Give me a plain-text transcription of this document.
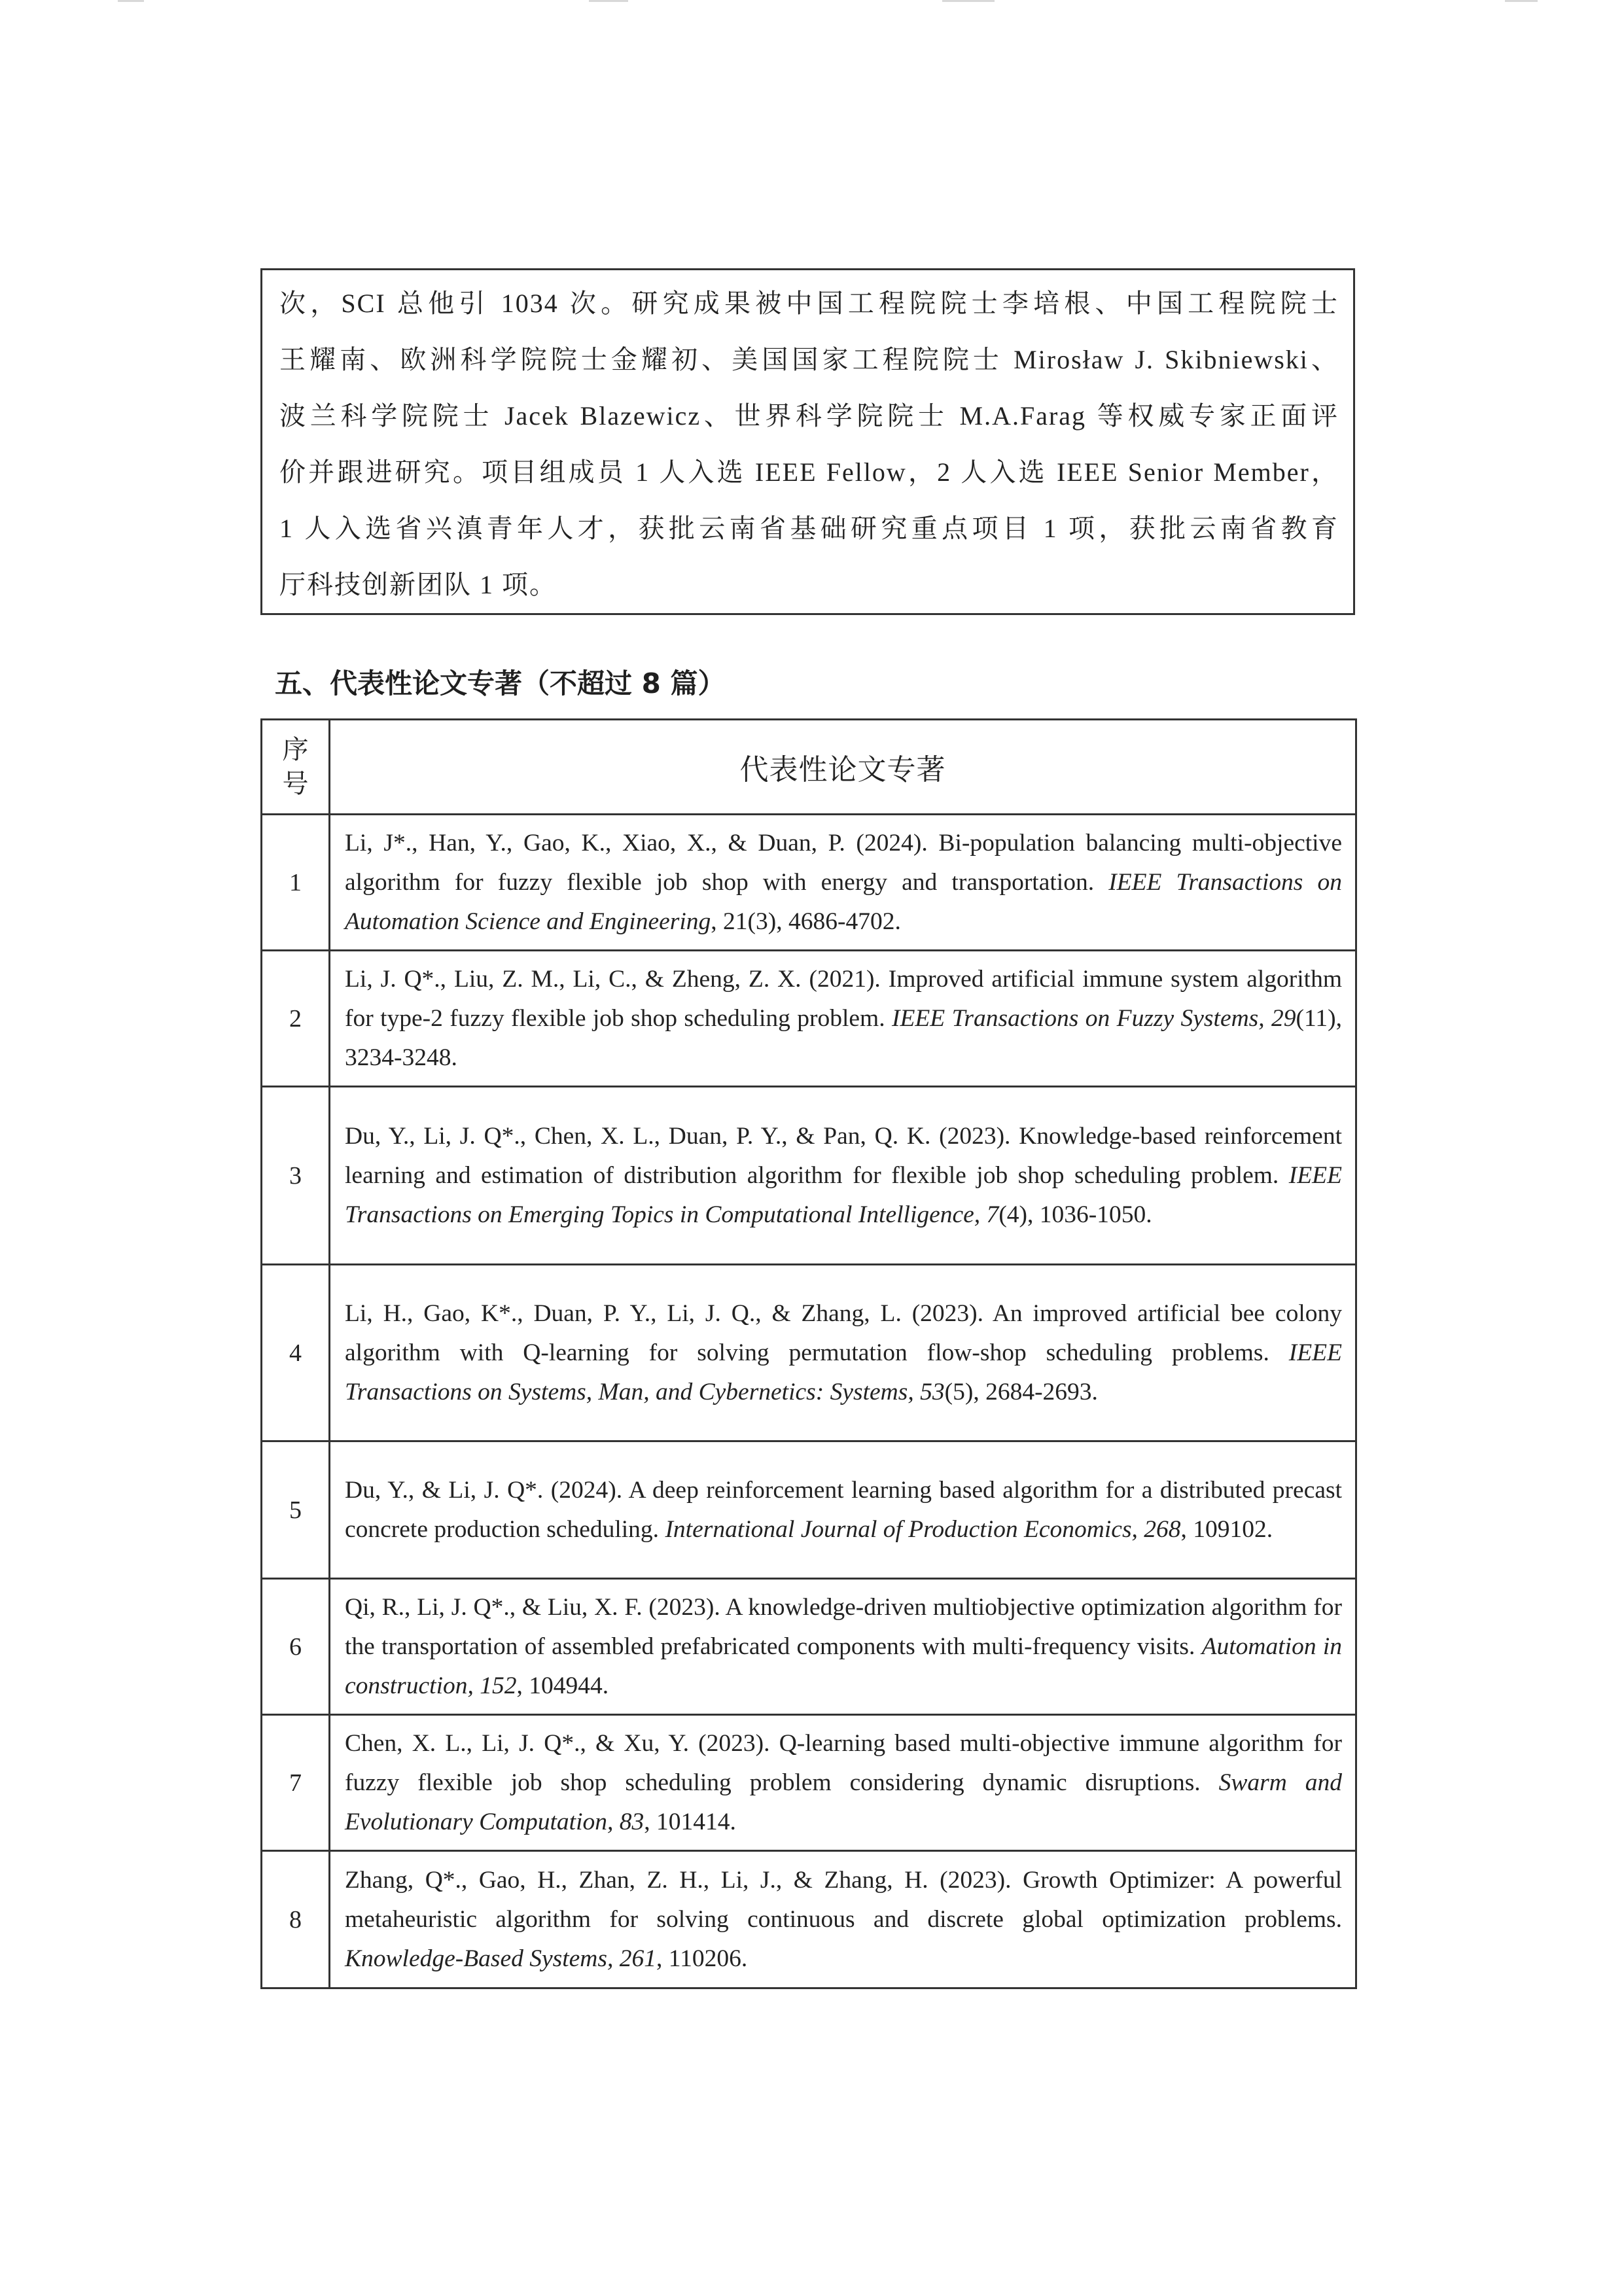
次，SCI 总他引 1034 次。研究成果被中国工程院院士李培根、中国工程院院士
王耀南、欧洲科学院院士金耀初、美国国家工程院院士 Mirosław J. Skibniewski、
波兰科学院院士 Jacek Blazewicz、世界科学院院士 M.A.Farag 等权威专家正面评
价并跟进研究。项目组成员 1 人入选 IEEE Fellow，2 人入选 IEEE Senior Member，
1 人入选省兴滇青年人才，获批云南省基础研究重点项目 1 项，获批云南省教育
厅科技创新团队 1 项。
五、代表性论文专著（不超过 8 篇）
序
号	代表性论文专著
1	Li, J*., Han, Y., Gao, K., Xiao, X., & Duan, P. (2024). Bi-population balancing multi-objective algorithm for fuzzy flexible job shop with energy and transportation. IEEE Transactions on Automation Science and Engineering, 21(3), 4686-4702.
2	Li, J. Q*., Liu, Z. M., Li, C., & Zheng, Z. X. (2021). Improved artificial immune system algorithm for type-2 fuzzy flexible job shop scheduling problem. IEEE Transactions on Fuzzy Systems, 29(11), 3234-3248.
3	Du, Y., Li, J. Q*., Chen, X. L., Duan, P. Y., & Pan, Q. K. (2023). Knowledge-based reinforcement learning and estimation of distribution algorithm for flexible job shop scheduling problem. IEEE Transactions on Emerging Topics in Computational Intelligence, 7(4), 1036-1050.
4	Li, H., Gao, K*., Duan, P. Y., Li, J. Q., & Zhang, L. (2023). An improved artificial bee colony algorithm with Q-learning for solving permutation flow-shop scheduling problems. IEEE Transactions on Systems, Man, and Cybernetics: Systems, 53(5), 2684-2693.
5	Du, Y., & Li, J. Q*. (2024). A deep reinforcement learning based algorithm for a distributed precast concrete production scheduling. International Journal of Production Economics, 268, 109102.
6	Qi, R., Li, J. Q*., & Liu, X. F. (2023). A knowledge-driven multiobjective optimization algorithm for the transportation of assembled prefabricated components with multi-frequency visits. Automation in construction, 152, 104944.
7	Chen, X. L., Li, J. Q*., & Xu, Y. (2023). Q-learning based multi-objective immune algorithm for fuzzy flexible job shop scheduling problem considering dynamic disruptions. Swarm and Evolutionary Computation, 83, 101414.
8	Zhang, Q*., Gao, H., Zhan, Z. H., Li, J., & Zhang, H. (2023). Growth Optimizer: A powerful metaheuristic algorithm for solving continuous and discrete global optimization problems. Knowledge-Based Systems, 261, 110206.
